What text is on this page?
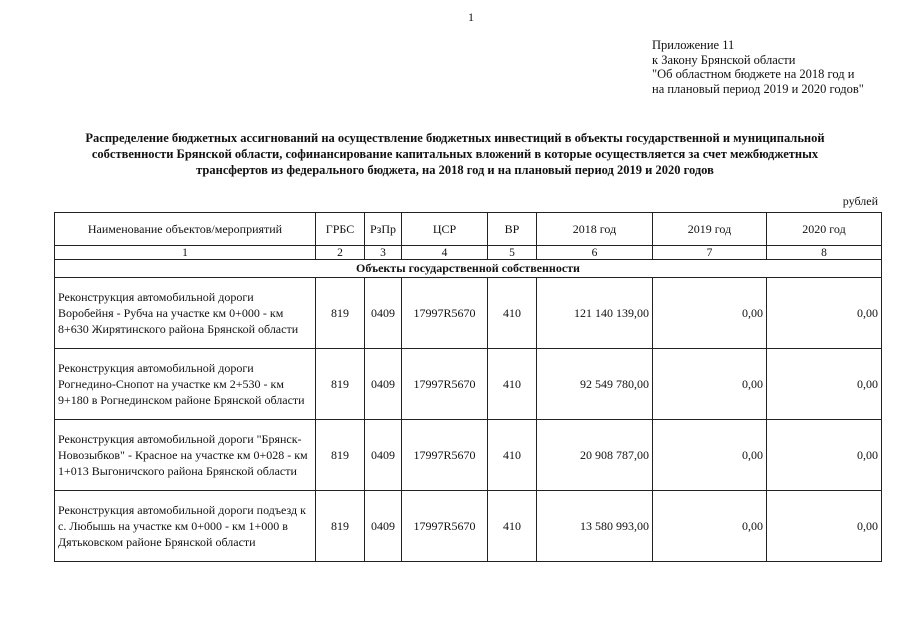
1
Приложение 11
к Закону Брянской области
"Об областном бюджете на 2018 год и
на плановый период 2019 и 2020 годов"
Распределение бюджетных ассигнований на осуществление бюджетных инвестиций в объекты государственной и муниципальной
собственности Брянской области, софинансирование капитальных вложений в которые осуществляется за счет межбюджетных
трансфертов из федерального бюджета, на 2018 год и на плановый период 2019 и 2020 годов
рублей
Наименование объектов/мероприятий	ГРБС	РзПр	ЦСР	ВР	2018 год	2019 год	2020 год
1	2	3	4	5	6	7	8
Объекты государственной собственности							
Реконструкция автомобильной дороги Воробейня - Рубча на участке км 0+000 - км 8+630 Жирятинского района Брянской области	819	0409	17997R5670	410	121 140 139,00	0,00	0,00
Реконструкция автомобильной дороги Рогнедино-Снопот на участке км 2+530 - км 9+180 в Рогнединском районе Брянской области	819	0409	17997R5670	410	92 549 780,00	0,00	0,00
Реконструкция автомобильной дороги "Брянск-Новозыбков" - Красное на участке км 0+028 - км 1+013 Выгоничского района Брянской области	819	0409	17997R5670	410	20 908 787,00	0,00	0,00
Реконструкция автомобильной дороги подъезд к с. Любышь на участке км 0+000 - км 1+000 в Дятьковском районе Брянской области	819	0409	17997R5670	410	13 580 993,00	0,00	0,00
